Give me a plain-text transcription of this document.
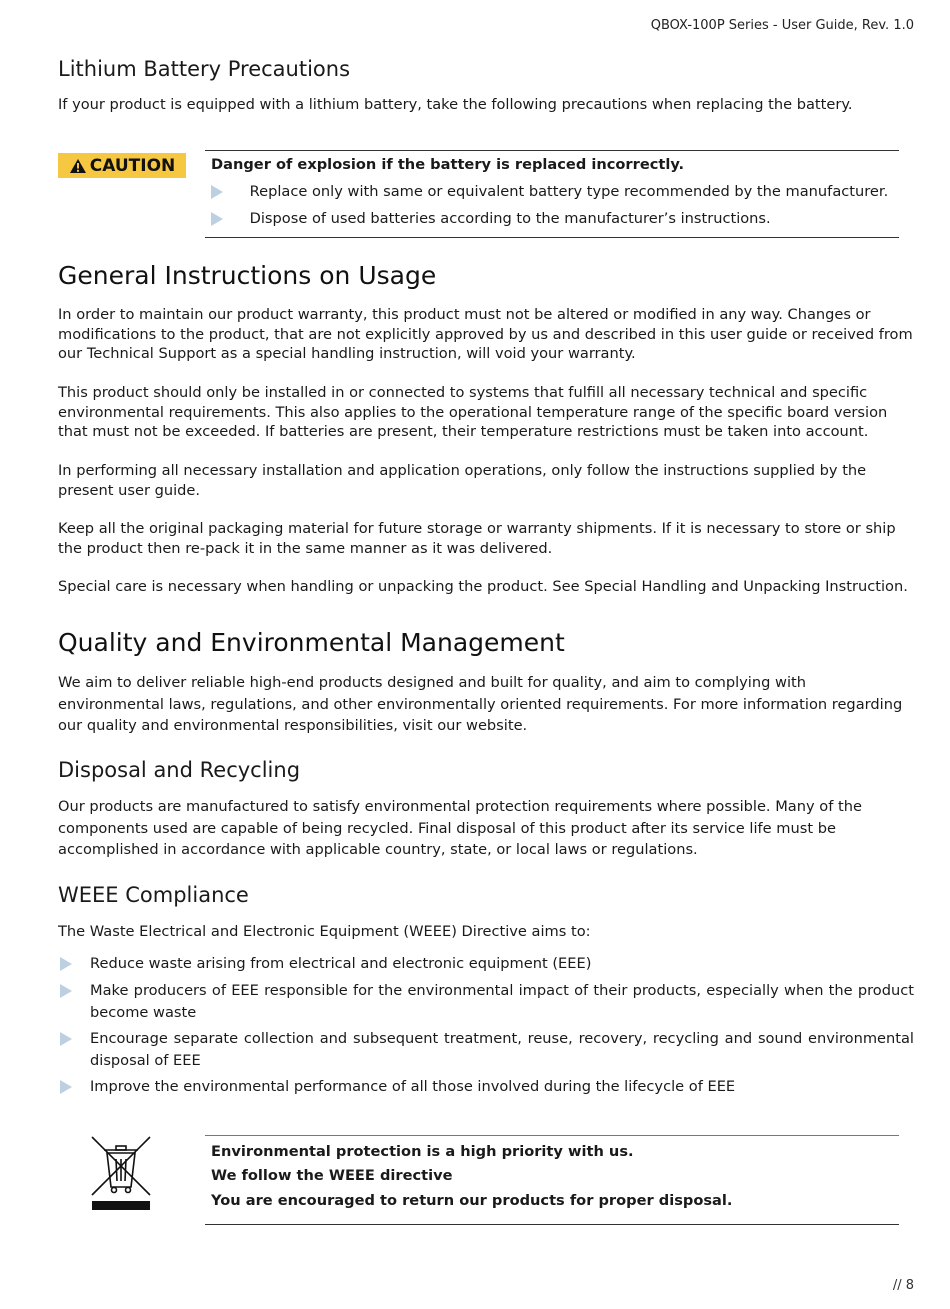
QBOX-100P Series - User Guide, Rev. 1.0
Lithium Battery Precautions

If your product is equipped with a lithium battery, take the following precautions when replacing the battery.

CAUTION Danger of explosion if the battery is replaced incorrectly.
Replace only with same or equivalent battery type recommended by the manufacturer.
Dispose of used batteries according to the manufacturer’s instructions.
General Instructions on Usage

In order to maintain our product warranty, this product must not be altered or modified in any way. Changes or modifications to the product, that are not explicitly approved by us and described in this user guide or received from our Technical Support as a special handling instruction, will void your warranty.

This product should only be installed in or connected to systems that fulfill all necessary technical and specific environmental requirements. This also applies to the operational temperature range of the specific board version that must not be exceeded. If batteries are present, their temperature restrictions must be taken into account.

In performing all necessary installation and application operations, only follow the instructions supplied by the present user guide.

Keep all the original packaging material for future storage or warranty shipments. If it is necessary to store or ship the product then re-pack it in the same manner as it was delivered.

Special care is necessary when handling or unpacking the product. See Special Handling and Unpacking Instruction.

Quality and Environmental Management

We aim to deliver reliable high-end products designed and built for quality, and aim to complying with environmental laws, regulations, and other environmentally oriented requirements. For more information regarding our quality and environmental responsibilities, visit our website.

Disposal and Recycling

Our products are manufactured to satisfy environmental protection requirements where possible. Many of the components used are capable of being recycled. Final disposal of this product after its service life must be accomplished in accordance with applicable country, state, or local laws or regulations.

WEEE Compliance

The Waste Electrical and Electronic Equipment (WEEE) Directive aims to:

Reduce waste arising from electrical and electronic equipment (EEE)
Make producers of EEE responsible for the environmental impact of their products, especially when the product become waste
Encourage separate collection and subsequent treatment, reuse, recovery, recycling and sound environmental disposal of EEE
Improve the environmental performance of all those involved during the lifecycle of EEE
Environmental protection is a high priority with us.
We follow the WEEE directive
You are encouraged to return our products for proper disposal.
// 8
